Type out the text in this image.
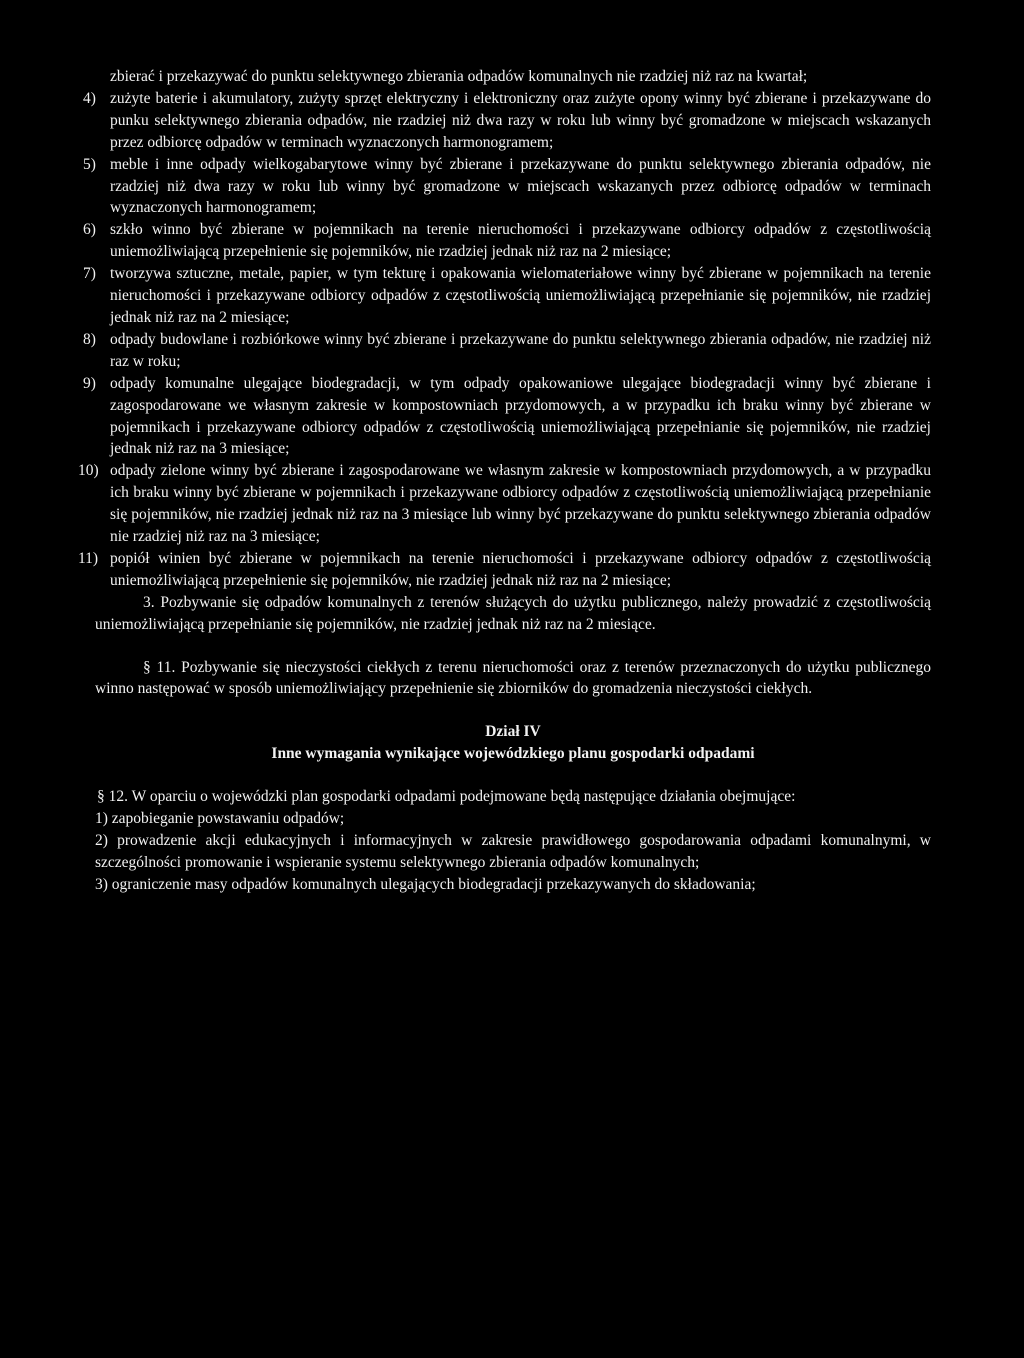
zbierać i przekazywać do punktu selektywnego zbierania odpadów komunalnych nie rzadziej niż raz na kwartał;

4) zużyte baterie i akumulatory, zużyty sprzęt elektryczny i elektroniczny oraz zużyte opony winny być zbierane i przekazywane do punku selektywnego zbierania odpadów, nie rzadziej niż dwa razy w roku lub winny być gromadzone w miejscach wskazanych przez odbiorcę odpadów w terminach wyznaczonych harmonogramem;

5) meble i inne odpady wielkogabarytowe winny być zbierane i przekazywane do punktu selektywnego zbierania odpadów, nie rzadziej niż dwa razy w roku lub winny być gromadzone w miejscach wskazanych przez odbiorcę odpadów w terminach wyznaczonych harmonogramem;

6) szkło winno być zbierane w pojemnikach na terenie nieruchomości i przekazywane odbiorcy odpadów z częstotliwością uniemożliwiającą przepełnienie się pojemników, nie rzadziej jednak niż raz na 2 miesiące;

7) tworzywa sztuczne, metale, papier, w tym tekturę i opakowania wielomateriałowe winny być zbierane w pojemnikach na terenie nieruchomości i przekazywane odbiorcy odpadów z częstotliwością uniemożliwiającą przepełnianie się pojemników, nie rzadziej jednak niż raz na 2 miesiące;

8) odpady budowlane i rozbiórkowe winny być zbierane i przekazywane do punktu selektywnego zbierania odpadów, nie rzadziej niż raz w roku;

9) odpady komunalne ulegające biodegradacji, w tym odpady opakowaniowe ulegające biodegradacji winny być zbierane i zagospodarowane we własnym zakresie w kompostowniach przydomowych, a w przypadku ich braku winny być zbierane w pojemnikach i przekazywane odbiorcy odpadów z częstotliwością uniemożliwiającą przepełnianie się pojemników, nie rzadziej jednak niż raz na 3 miesiące;

10) odpady zielone winny być zbierane i zagospodarowane we własnym zakresie w kompostowniach przydomowych, a w przypadku ich braku winny być zbierane w pojemnikach i przekazywane odbiorcy odpadów z częstotliwością uniemożliwiającą przepełnianie się pojemników, nie rzadziej jednak niż raz na 3 miesiące lub winny być przekazywane do punktu selektywnego zbierania odpadów nie rzadziej niż raz na 3 miesiące;

11) popiół winien być zbierane w pojemnikach na terenie nieruchomości i przekazywane odbiorcy odpadów z częstotliwością uniemożliwiającą przepełnienie się pojemników, nie rzadziej jednak niż raz na 2 miesiące;

3. Pozbywanie się odpadów komunalnych z terenów służących do użytku publicznego, należy prowadzić z częstotliwością uniemożliwiającą przepełnianie się pojemników, nie rzadziej jednak niż raz na 2 miesiące.

§ 11. Pozbywanie się nieczystości ciekłych z terenu nieruchomości oraz z terenów przeznaczonych do użytku publicznego winno następować w sposób uniemożliwiający przepełnienie się zbiorników do gromadzenia nieczystości ciekłych.

Dział IV

Inne wymagania wynikające wojewódzkiego planu gospodarki odpadami

§ 12. W oparciu o wojewódzki plan gospodarki odpadami podejmowane będą następujące działania obejmujące:

1) zapobieganie powstawaniu odpadów;

2) prowadzenie akcji edukacyjnych i informacyjnych w zakresie prawidłowego gospodarowania odpadami komunalnymi, w szczególności promowanie i wspieranie systemu selektywnego zbierania odpadów komunalnych;

3) ograniczenie masy odpadów komunalnych ulegających biodegradacji przekazywanych do składowania;
